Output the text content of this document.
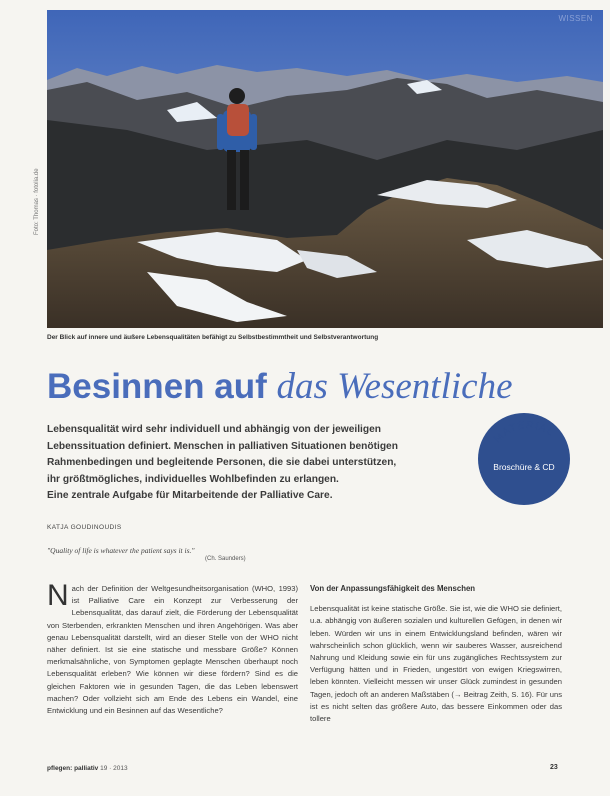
WISSEN
Foto: Thomas · fotolia.de
Der Blick auf innere und äußere Lebensqualitäten befähigt zu Selbstbestimmtheit und Selbstverantwortung
Besinnen auf das Wesentliche
Lebensqualität wird sehr individuell und abhängig von der jeweiligen
Lebenssituation definiert. Menschen in palliativen Situationen benötigen
Rahmenbedingen und begleitende Personen, die sie dabei unterstützen,
ihr größtmögliches, individuelles Wohlbefinden zu erlangen.
Eine zentrale Aufgabe für Mitarbeitende der Palliative Care.
MATERIAL
Broschüre & CD
KATJA GOUDINOUDIS
"Quality of life is whatever the patient says it is."
(Ch. Saunders)

Nach der Definition der Weltgesundheitsorganisation (WHO, 1993) ist Palliative Care ein Konzept zur Verbesserung der Lebensqualität, das darauf zielt, die Förderung der Lebensqualität von Sterbenden, erkrankten Menschen und ihren Angehörigen. Was aber genau Lebensqualität darstellt, wird an dieser Stelle von der WHO nicht näher definiert. Ist sie eine statische und messbare Größe? Können merkmalsähnliche, von Symptomen geplagte Menschen überhaupt noch Lebensqualität erleben? Wie können wir diese fördern? Sind es die gleichen Faktoren wie in gesunden Tagen, die das Leben lebenswert machen? Oder vollzieht sich am Ende des Lebens ein Wandel, eine Entwicklung und ein Besinnen auf das Wesentliche?

Von der Anpassungsfähigkeit des Menschen
Lebensqualität ist keine statische Größe. Sie ist, wie die WHO sie definiert, u.a. abhängig von äußeren sozialen und kulturellen Gefügen, in denen wir leben. Würden wir uns in einem Entwicklungsland befinden, wären wir wahrscheinlich schon glücklich, wenn wir sauberes Wasser, ausreichend Nahrung und Kleidung sowie ein für uns zugängliches Rechtssystem zur Verfügung hätten und in Frieden, ungestört von ewigen Kriegswirren, leben könnten. Vielleicht messen wir unser Glück zumindest in gesunden Tagen, jedoch oft an anderen Maßstäben (→ Beitrag Zeith, S. 16). Für uns ist es nicht selten das größere Auto, das bessere Einkommen oder das tollere
pflegen: palliativ 19 · 2013	23
